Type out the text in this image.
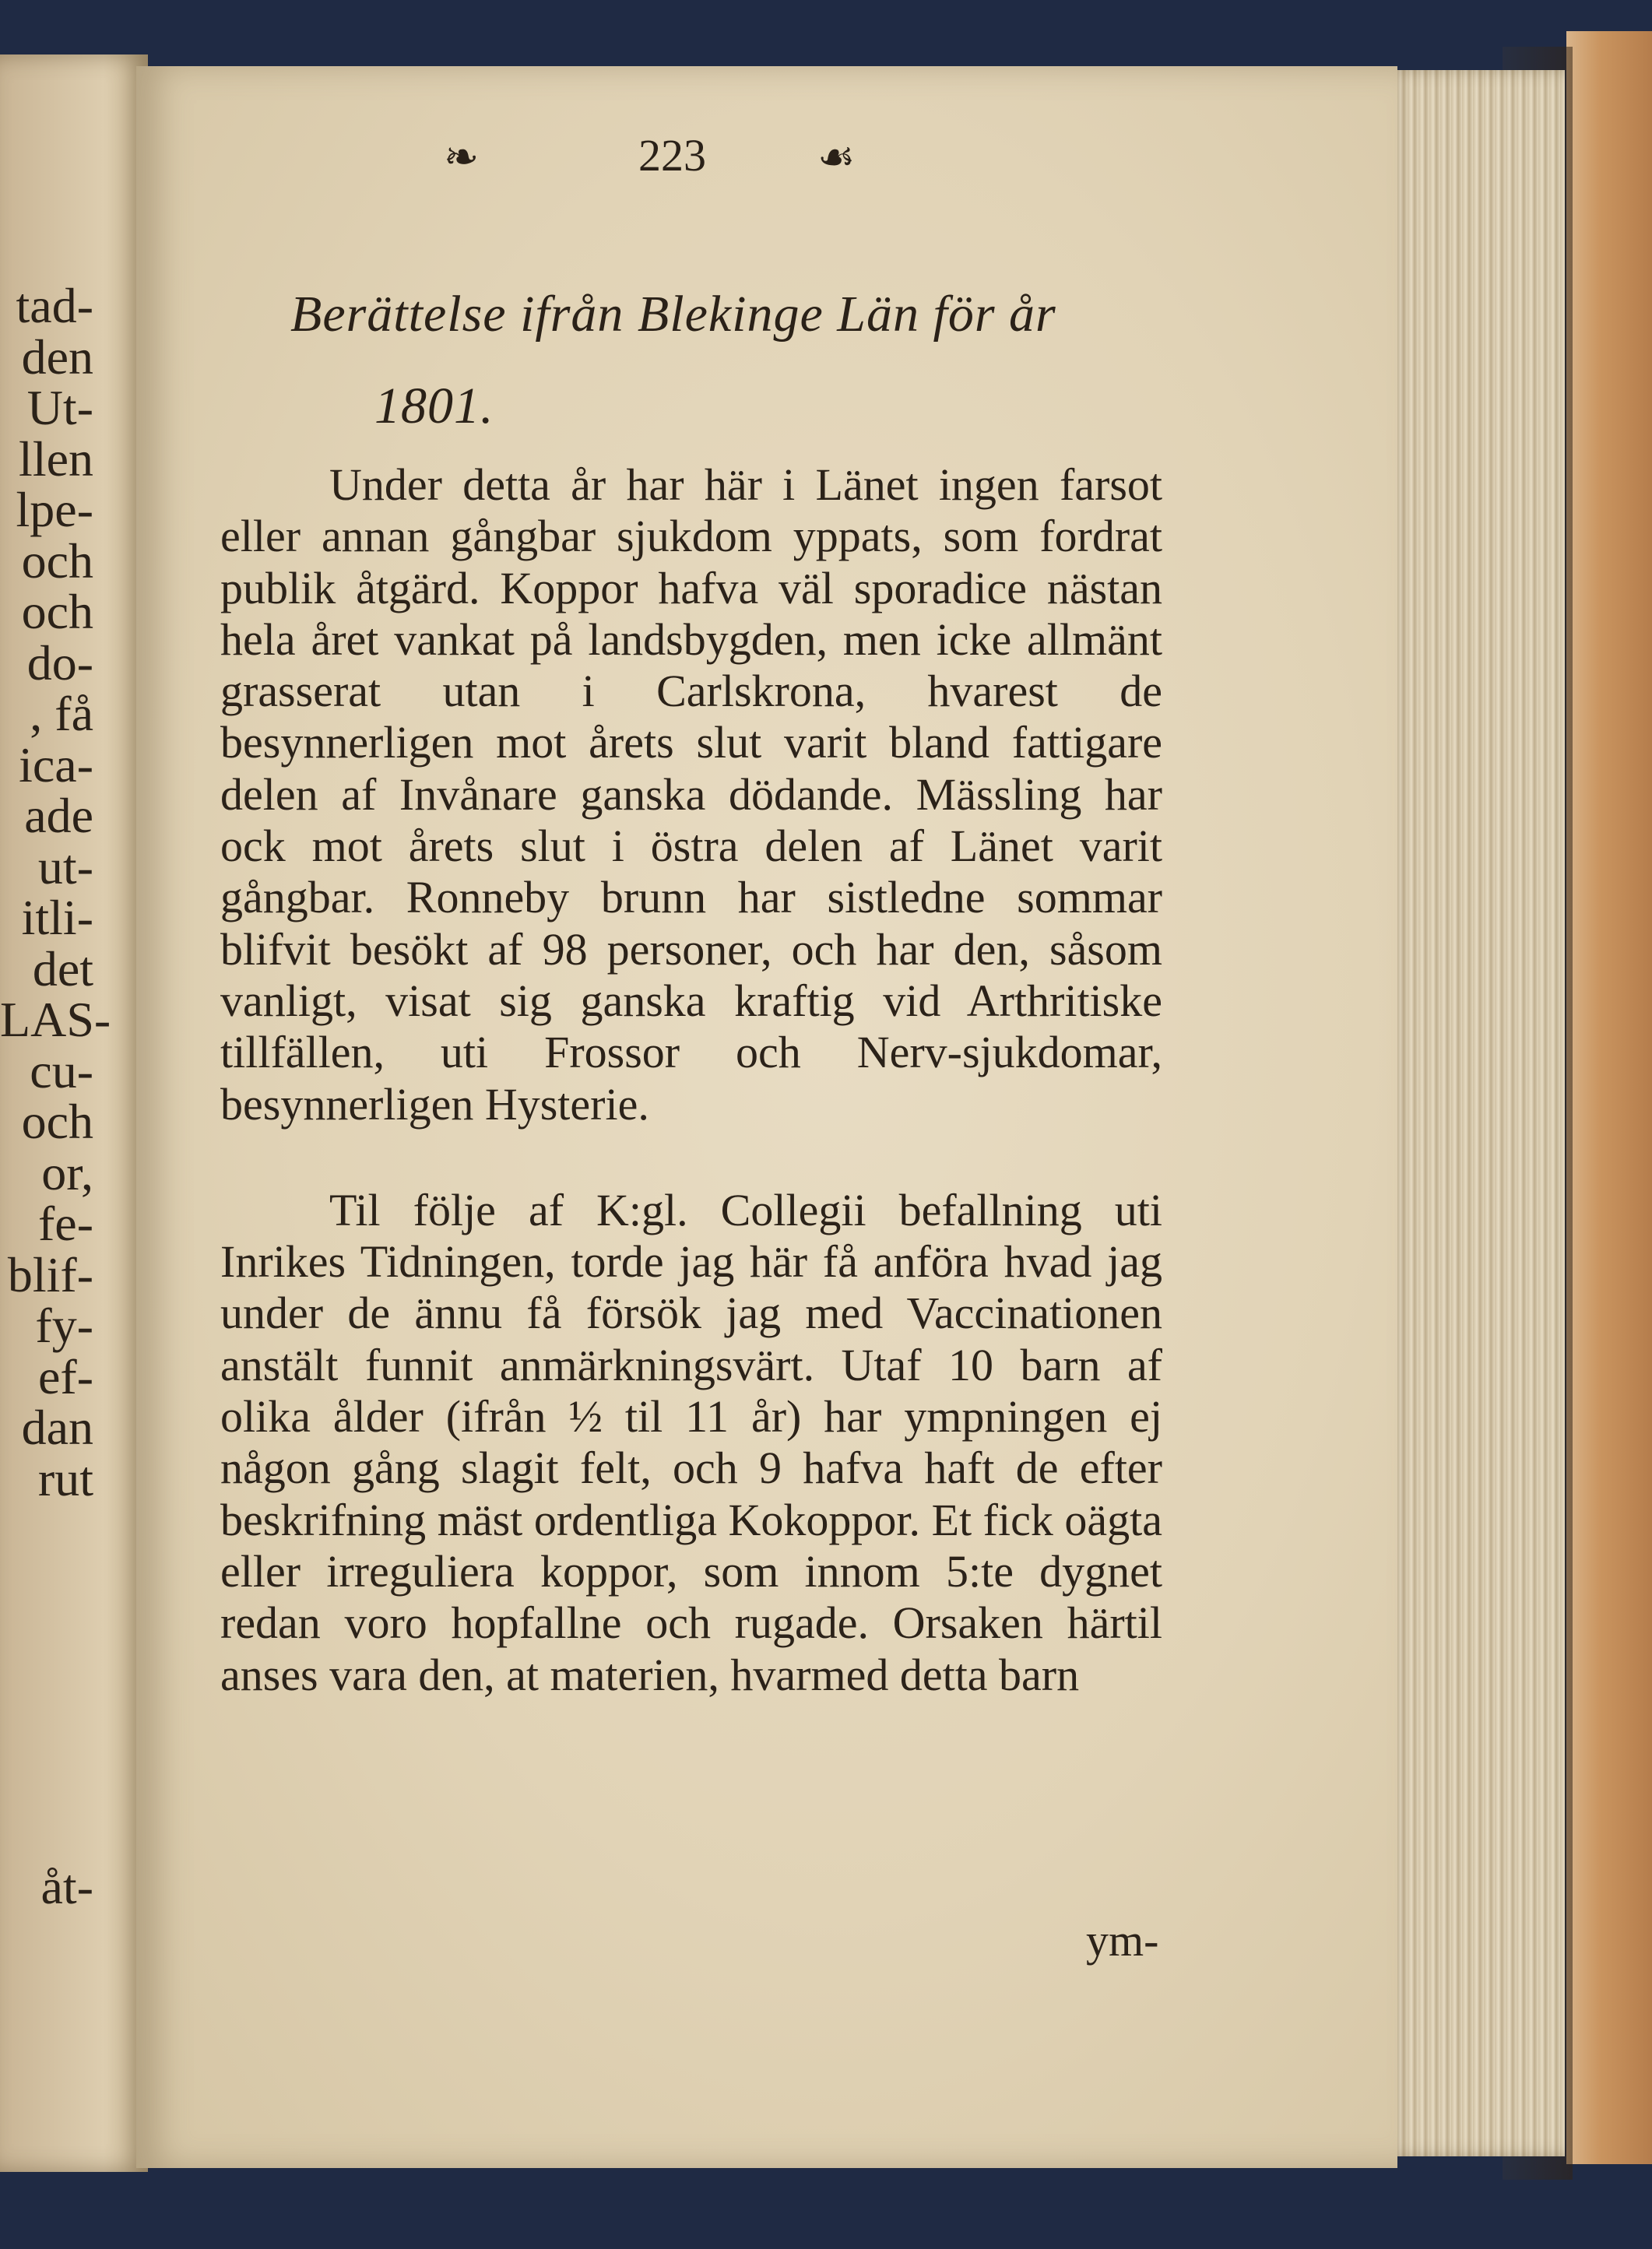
tad-
den
Ut-
llen
lpe-
och
och
do-
, få
ica-
ade
ut-
itli-
det
LAS-
cu-
och
or,
fe-
blif-
fy-
ef-
dan
rut

åt-
❧	223	☙
Berättelse ifrån Blekinge Län för år
1801.

Under detta år har här i Länet ingen farsot eller annan gångbar sjukdom yppats, som fordrat publik åtgärd. Koppor hafva väl sporadice nästan hela året vankat på landsbygden, men icke allmänt grasserat utan i Carlskrona, hvarest de besynnerligen mot årets slut varit bland fattigare delen af Invånare ganska dödande. Mässling har ock mot årets slut i östra delen af Länet varit gångbar. Ronneby brunn har sistledne sommar blifvit besökt af 98 personer, och har den, såsom vanligt, visat sig ganska kraftig vid Arthritiske tillfällen, uti Frossor och Nerv-sjukdomar, besynnerligen Hysterie.

Til följe af K:gl. Collegii befallning uti Inrikes Tidningen, torde jag här få anföra hvad jag under de ännu få försök jag med Vaccinationen anstält funnit anmärkningsvärt. Utaf 10 barn af olika ålder (ifrån ½ til 11 år) har ympningen ej någon gång slagit felt, och 9 hafva haft de efter beskrifning mäst ordentliga Kokoppor. Et fick oägta eller irreguliera koppor, som innom 5:te dygnet redan voro hopfallne och rugade. Orsaken härtil anses vara den, at materien, hvarmed detta barn

ym-
